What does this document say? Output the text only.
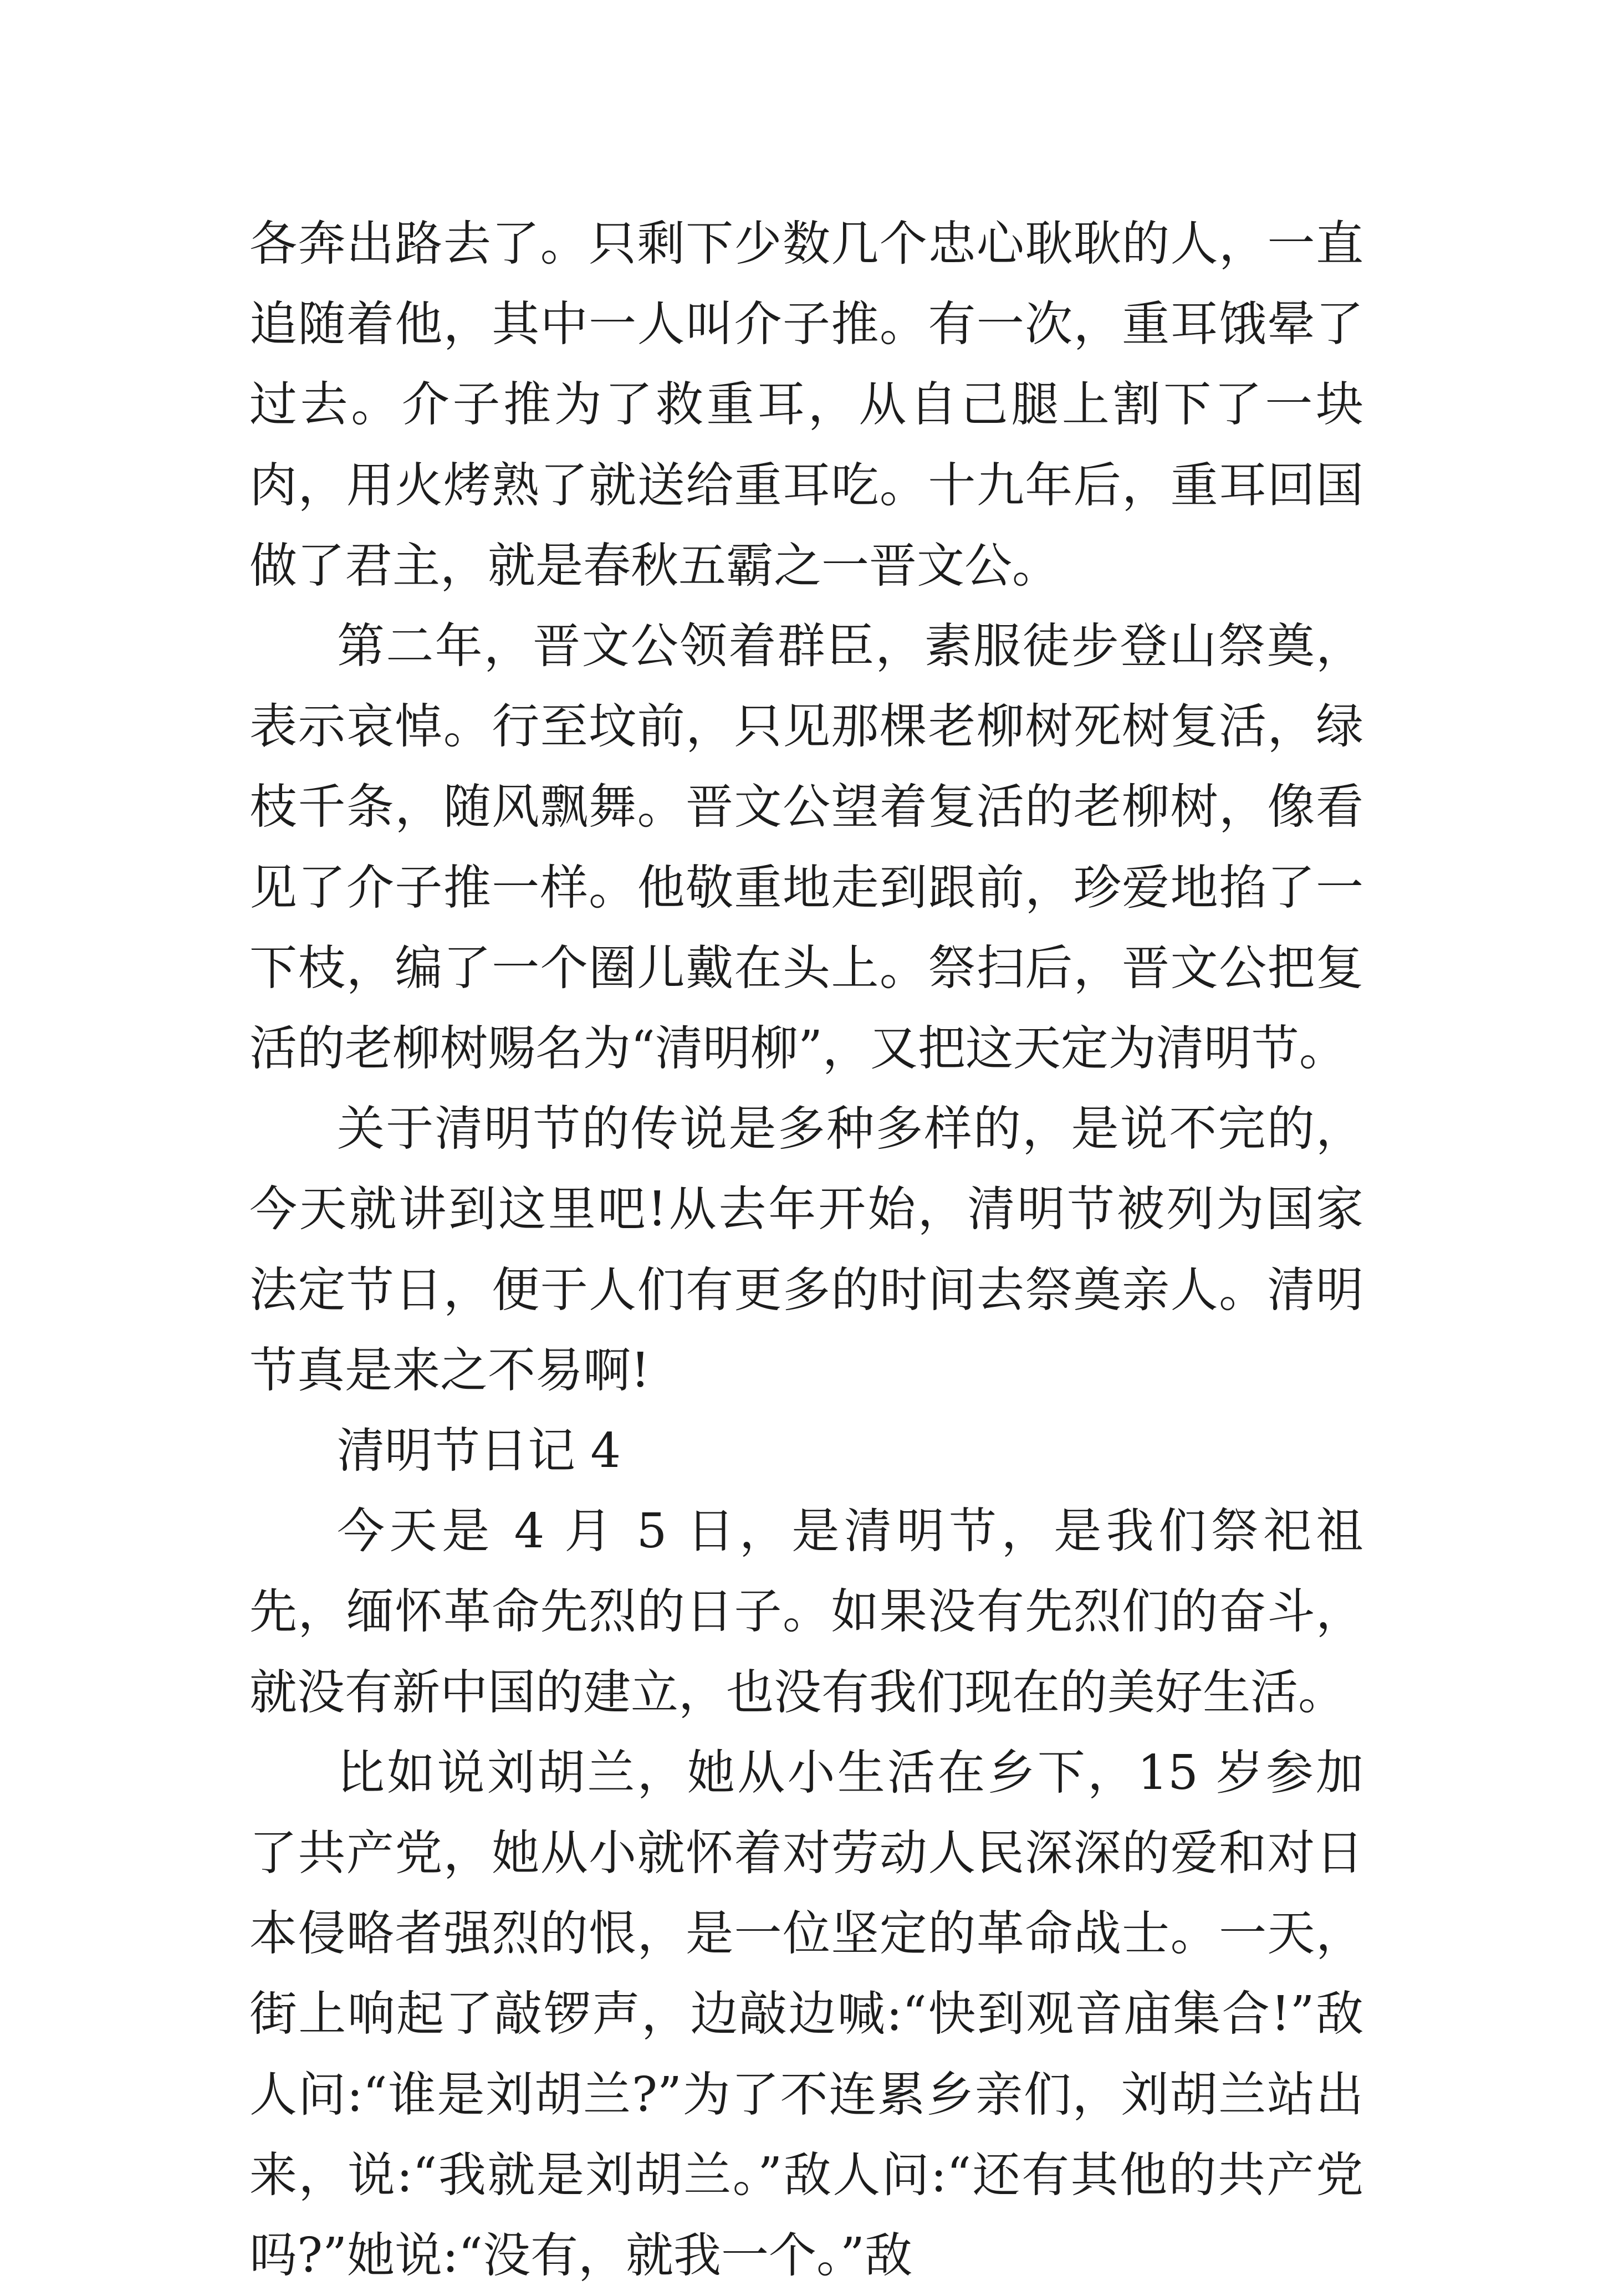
各奔出路去了。只剩下少数几个忠心耿耿的人，一直追随着他，其中一人叫介子推。有一次，重耳饿晕了过去。介子推为了救重耳，从自己腿上割下了一块肉，用火烤熟了就送给重耳吃。十九年后，重耳回国做了君主，就是春秋五霸之一晋文公。

第二年，晋文公领着群臣，素服徒步登山祭奠，表示哀悼。行至坟前，只见那棵老柳树死树复活，绿枝千条，随风飘舞。晋文公望着复活的老柳树，像看见了介子推一样。他敬重地走到跟前，珍爱地掐了一下枝，编了一个圈儿戴在头上。祭扫后，晋文公把复活的老柳树赐名为“清明柳”，又把这天定为清明节。

关于清明节的传说是多种多样的，是说不完的，今天就讲到这里吧!从去年开始，清明节被列为国家法定节日，便于人们有更多的时间去祭奠亲人。清明节真是来之不易啊!

清明节日记 4

今天是 4 月 5 日，是清明节，是我们祭祀祖先，缅怀革命先烈的日子。如果没有先烈们的奋斗，就没有新中国的建立，也没有我们现在的美好生活。

比如说刘胡兰，她从小生活在乡下，15 岁参加了共产党，她从小就怀着对劳动人民深深的爱和对日本侵略者强烈的恨，是一位坚定的革命战士。一天，街上响起了敲锣声，边敲边喊:“快到观音庙集合!”敌人问:“谁是刘胡兰?”为了不连累乡亲们，刘胡兰站出来，说:“我就是刘胡兰。”敌人问:“还有其他的共产党吗?”她说:“没有，就我一个。”敌
